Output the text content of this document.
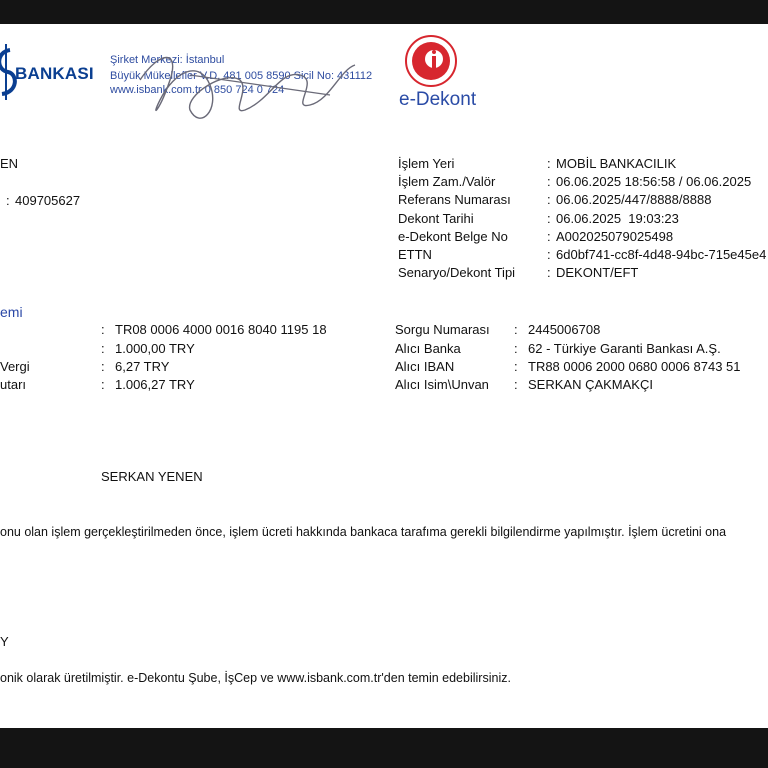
BANKASI
Şirket Merkezi: İstanbul
Büyük Mükellefler V.D. 481 005 8590 Sicil No: 431112
www.isbank.com.tr 0 850 724 0 724	e-Dekont
EN
: 409705627
İşlem Yeri	: MOBİL BANKACILIK
İşlem Zam./Valör	: 06.06.2025 18:56:58 / 06.06.2025
Referans Numarası	: 06.06.2025/447/8888/8888
Dekont Tarihi	: 06.06.2025  19:03:23
e-Dekont Belge No	: A002025079025498
ETTN	: 6d0bf741-cc8f-4d48-94bc-715e45e4
Senaryo/Dekont Tipi : DEKONT/EFT
emi
: TR08 0006 4000 0016 8040 1195 18
: 1.000,00 TRY
Vergi	: 6,27 TRY
utarı	: 1.006,27 TRY
Sorgu Numarası : 2445006708
Alıcı Banka	: 62 - Türkiye Garanti Bankası A.Ş.
Alıcı IBAN	: TR88 0006 2000 0680 0006 8743 51
Alıcı Isim\Unvan : SERKAN ÇAKMAKÇI
SERKAN YENEN
onu olan işlem gerçekleştirilmeden önce, işlem ücreti hakkında bankaca tarafıma gerekli bilgilendirme yapılmıştır. İşlem ücretini ona
Y
onik olarak üretilmiştir. e-Dekontu Şube, İşCep ve www.isbank.com.tr'den temin edebilirsiniz.
